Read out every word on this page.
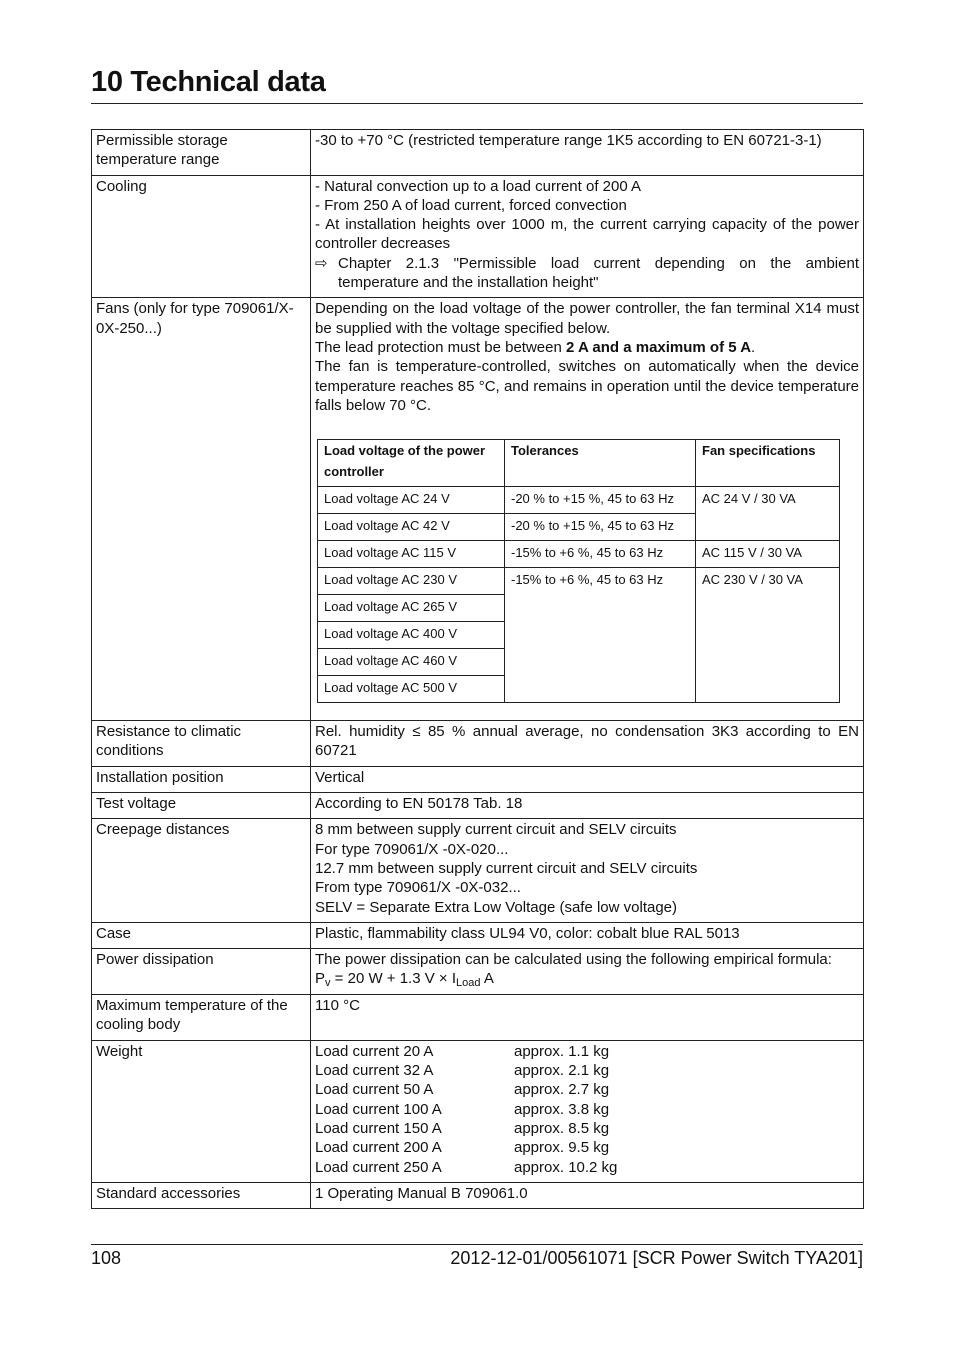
10 Technical data
Permissible storage temperature range	-30 to +70 °C (restricted temperature range 1K5 according to EN 60721-3-1)
Cooling	- Natural convection up to a load current of 200 A
- From 250 A of load current, forced convection
- At installation heights over 1000 m, the current carrying capacity of the power controller decreases
⇨ Chapter 2.1.3 "Permissible load current depending on the ambient temperature and the installation height"

Fans (only for type 709061/X-0X-250...)	
Depending on the load voltage of the power controller, the fan terminal X14 must be supplied with the voltage specified below.
The lead protection must be between 2 A and a maximum of 5 A.
The fan is temperature-controlled, switches on automatically when the device temperature reaches 85 °C, and remains in operation until the device temperature falls below 70 °C.
Load voltage of the power controller	Tolerances	Fan specifications
Load voltage AC 24 V	-20 % to +15 %, 45 to 63 Hz	AC 24 V / 30 VA
Load voltage AC 42 V	-20 % to +15 %, 45 to 63 Hz
Load voltage AC 115 V	-15% to +6 %, 45 to 63 Hz	AC 115 V / 30 VA
Load voltage AC 230 V	-15% to +6 %, 45 to 63 Hz	AC 230 V / 30 VA
Load voltage AC 265 V
Load voltage AC 400 V
Load voltage AC 460 V
Load voltage AC 500 V

Resistance to climatic conditions	Rel. humidity ≤ 85 % annual average, no condensation 3K3 according to EN 60721
Installation position	Vertical
Test voltage	According to EN 50178 Tab. 18
Creepage distances	8 mm between supply current circuit and SELV circuits
For type 709061/X -0X-020...
12.7 mm between supply current circuit and SELV circuits
From type 709061/X -0X-032...
SELV = Separate Extra Low Voltage (safe low voltage)

Case	Plastic, flammability class UL94 V0, color: cobalt blue RAL 5013
Power dissipation	The power dissipation can be calculated using the following empirical formula:
$P_v = 20$ W + 1.3 $V \times I_{Load}$ A

Maximum temperature of the cooling body	110 °C
Weight	Load current 20 A	approx. 1.1 kg
Load current 32 A	approx. 2.1 kg
Load current 50 A	approx. 2.7 kg
Load current 100 A	approx. 3.8 kg
Load current 150 A	approx. 8.5 kg
Load current 200 A	approx. 9.5 kg
Load current 250 A	approx. 10.2 kg

Standard accessories	1 Operating Manual B 709061.0
108	2012-12-01/00561071 [SCR Power Switch TYA201]
